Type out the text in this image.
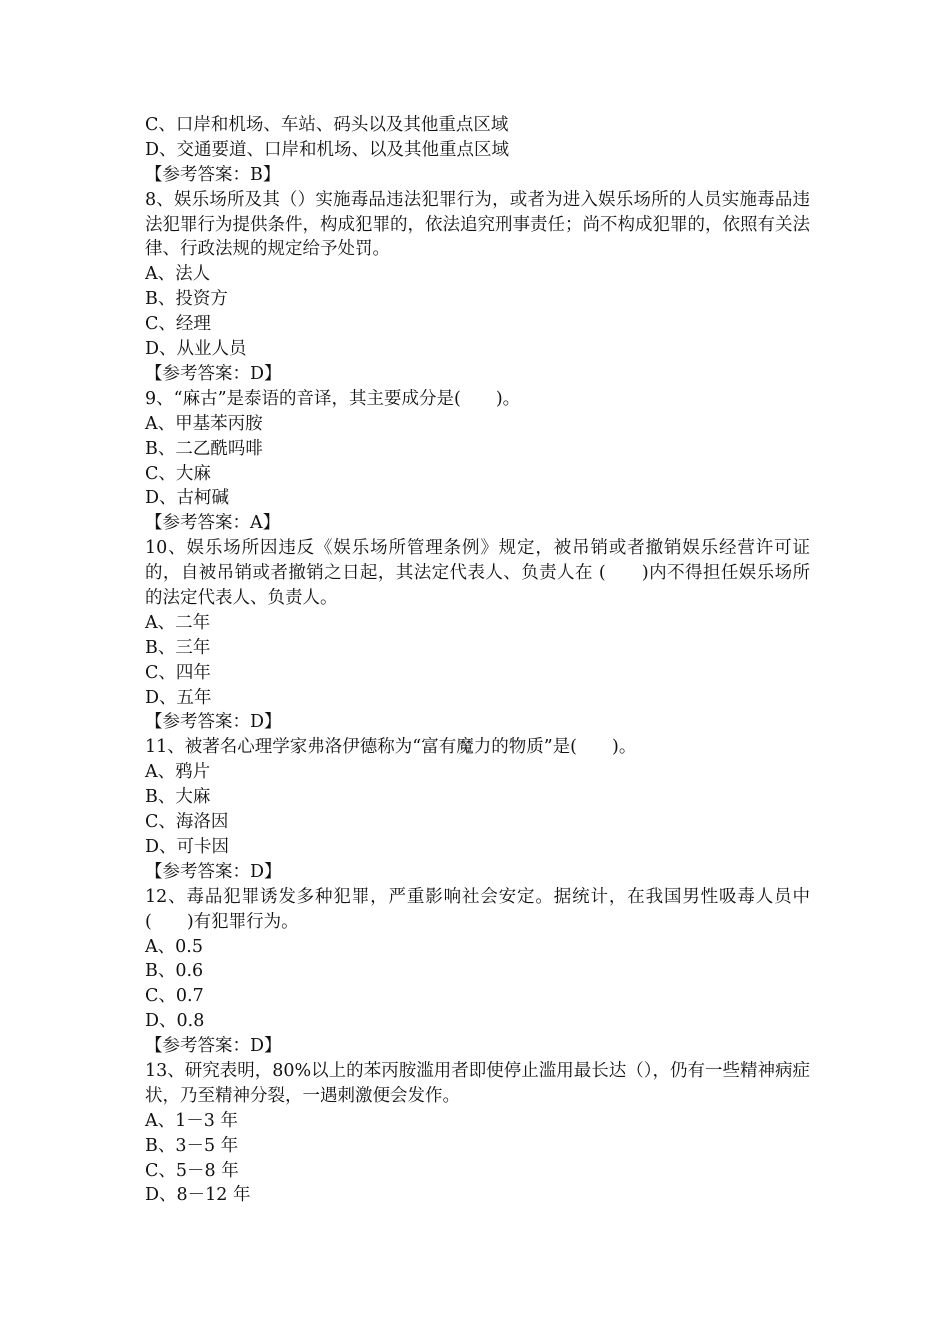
C、口岸和机场、车站、码头以及其他重点区域
D、交通要道、口岸和机场、以及其他重点区域
【参考答案：B】
8、娱乐场所及其（）实施毒品违法犯罪行为，或者为进入娱乐场所的人员实施毒品违法犯罪行为提供条件，构成犯罪的，依法追究刑事责任；尚不构成犯罪的，依照有关法律、行政法规的规定给予处罚。
A、法人
B、投资方
C、经理
D、从业人员
【参考答案：D】
9、“麻古”是泰语的音译，其主要成分是(　　)。
A、甲基苯丙胺
B、二乙酰吗啡
C、大麻
D、古柯碱
【参考答案：A】
10、娱乐场所因违反《娱乐场所管理条例》规定，被吊销或者撤销娱乐经营许可证的，自被吊销或者撤销之日起，其法定代表人、负责人在 (　　)内不得担任娱乐场所的法定代表人、负责人。
A、二年
B、三年
C、四年
D、五年
【参考答案：D】
11、被著名心理学家弗洛伊德称为“富有魔力的物质”是(　　)。
A、鸦片
B、大麻
C、海洛因
D、可卡因
【参考答案：D】
12、毒品犯罪诱发多种犯罪，严重影响社会安定。据统计，在我国男性吸毒人员中(　　)有犯罪行为。
A、0.5
B、0.6
C、0.7
D、0.8
【参考答案：D】
13、研究表明，80%以上的苯丙胺滥用者即使停止滥用最长达（），仍有一些精神病症状，乃至精神分裂，一遇刺激便会发作。
A、1－3 年
B、3－5 年
C、5－8 年
D、8－12 年
